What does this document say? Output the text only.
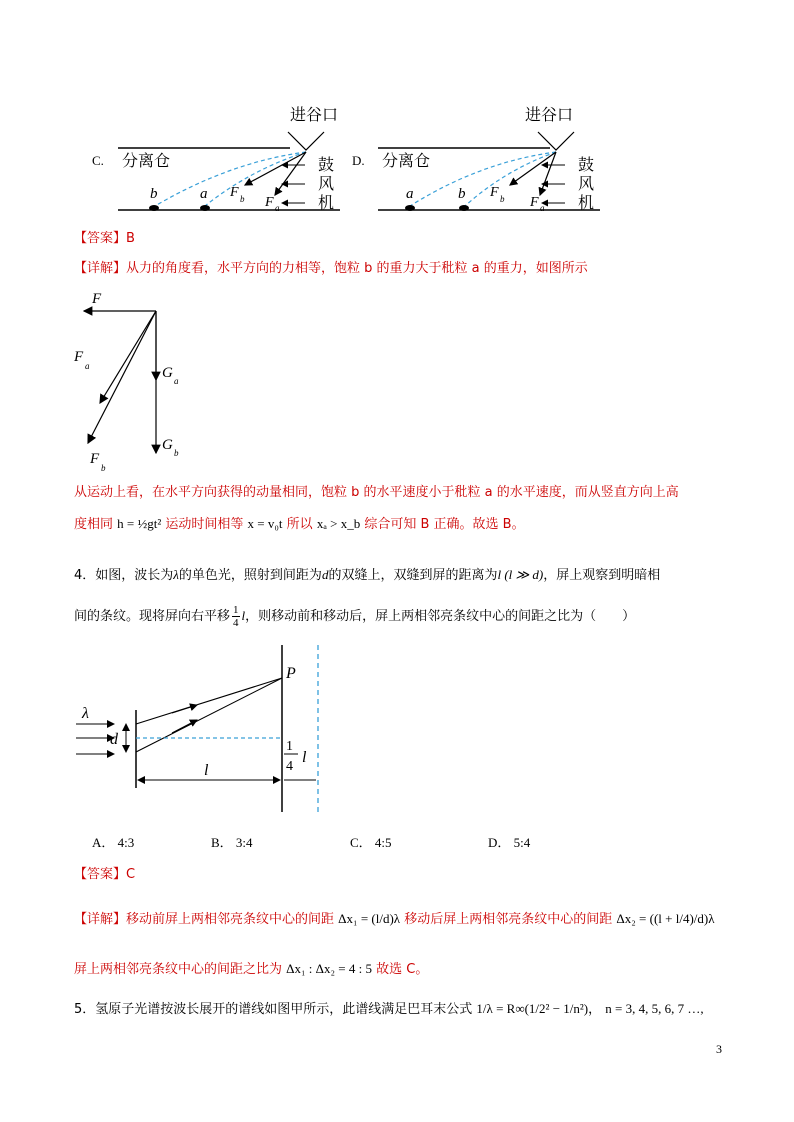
C.
进谷口
b	a F b F a
鼓
风
机
分离仓	D.
进谷口
a	b F b F a
鼓
风
机
分离仓
【答案】B
【详解】从力的角度看，水平方向的力相等，饱粒 b 的重力大于秕粒 a 的重力，如图所示
F
F
a
F
b
G a
G b
从运动上看，在水平方向获得的动量相同，饱粒 b 的水平速度小于秕粒 a 的水平速度，而从竖直方向上高
度相同 h = ½gt² 运动时间相等 x = v₀t 所以 xₐ > x_b 综合可知 B 正确。故选 B。
4．如图，波长为λ的单色光，照射到间距为d的双缝上，双缝到屏的距离为l (l ≫ d)，屏上观察到明暗相
间的条纹。现将屏向右平移 $\frac{1}{4}$ l，则移动前和移动后，屏上两相邻亮条纹中心的间距之比为（　　）
λ
d
P
l
1
4
l
A． 4:3	B． 3:4	C． 4:5	D． 5:4
【答案】C
【详解】移动前屏上两相邻亮条纹中心的间距 Δx₁ = (l/d)λ 移动后屏上两相邻亮条纹中心的间距 Δx₂ = ((l + l/4)/d)λ
屏上两相邻亮条纹中心的间距之比为 Δx₁ : Δx₂ = 4 : 5 故选 C。
5．氢原子光谱按波长展开的谱线如图甲所示，此谱线满足巴耳末公式 1/λ = R∞(1/2² − 1/n²)， n = 3, 4, 5, 6, 7 …,
3
